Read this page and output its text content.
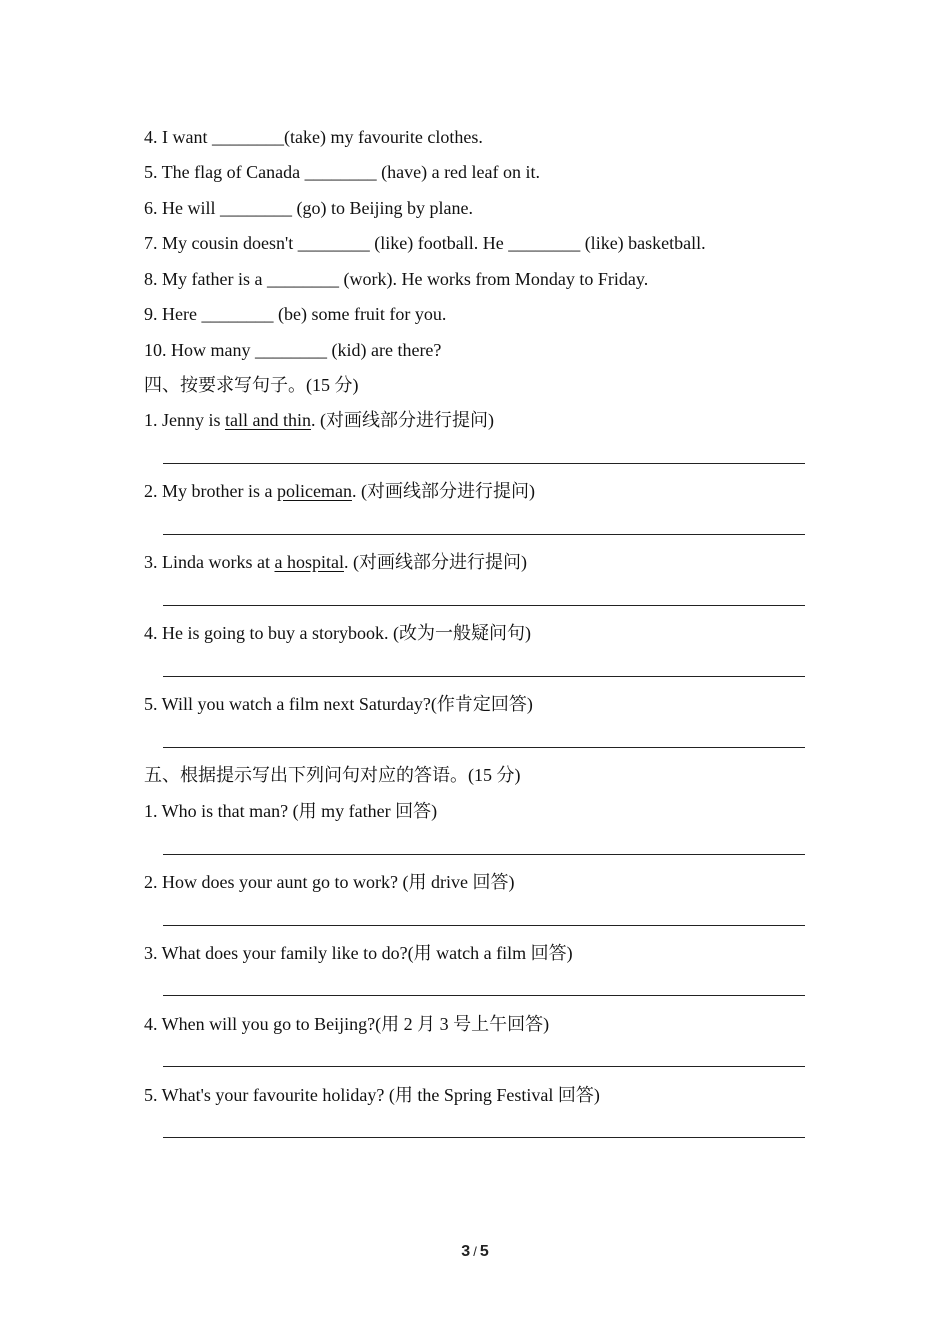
4. I want ________(take) my favourite clothes.
5. The flag of Canada ________ (have) a red leaf on it.
6. He will ________ (go) to Beijing by plane.
7. My cousin doesn't ________ (like) football. He ________ (like) basketball.
8. My father is a ________ (work). He works from Monday to Friday.
9. Here ________ (be) some fruit for you.
10. How many ________ (kid) are there?
四、按要求写句子。(15 分)
1. Jenny is tall and thin. (对画线部分进行提问)
2. My brother is a policeman. (对画线部分进行提问)
3. Linda works at a hospital. (对画线部分进行提问)
4. He is going to buy a storybook. (改为一般疑问句)
5. Will you watch a film next Saturday?(作肯定回答)
五、根据提示写出下列问句对应的答语。(15 分)
1. Who is that man? (用 my father 回答)
2. How does your aunt go to work? (用 drive 回答)
3. What does your family like to do?(用 watch a film 回答)
4. When will you go to Beijing?(用 2 月 3 号上午回答)
5. What's your favourite holiday? (用 the Spring Festival 回答)
3 / 5
